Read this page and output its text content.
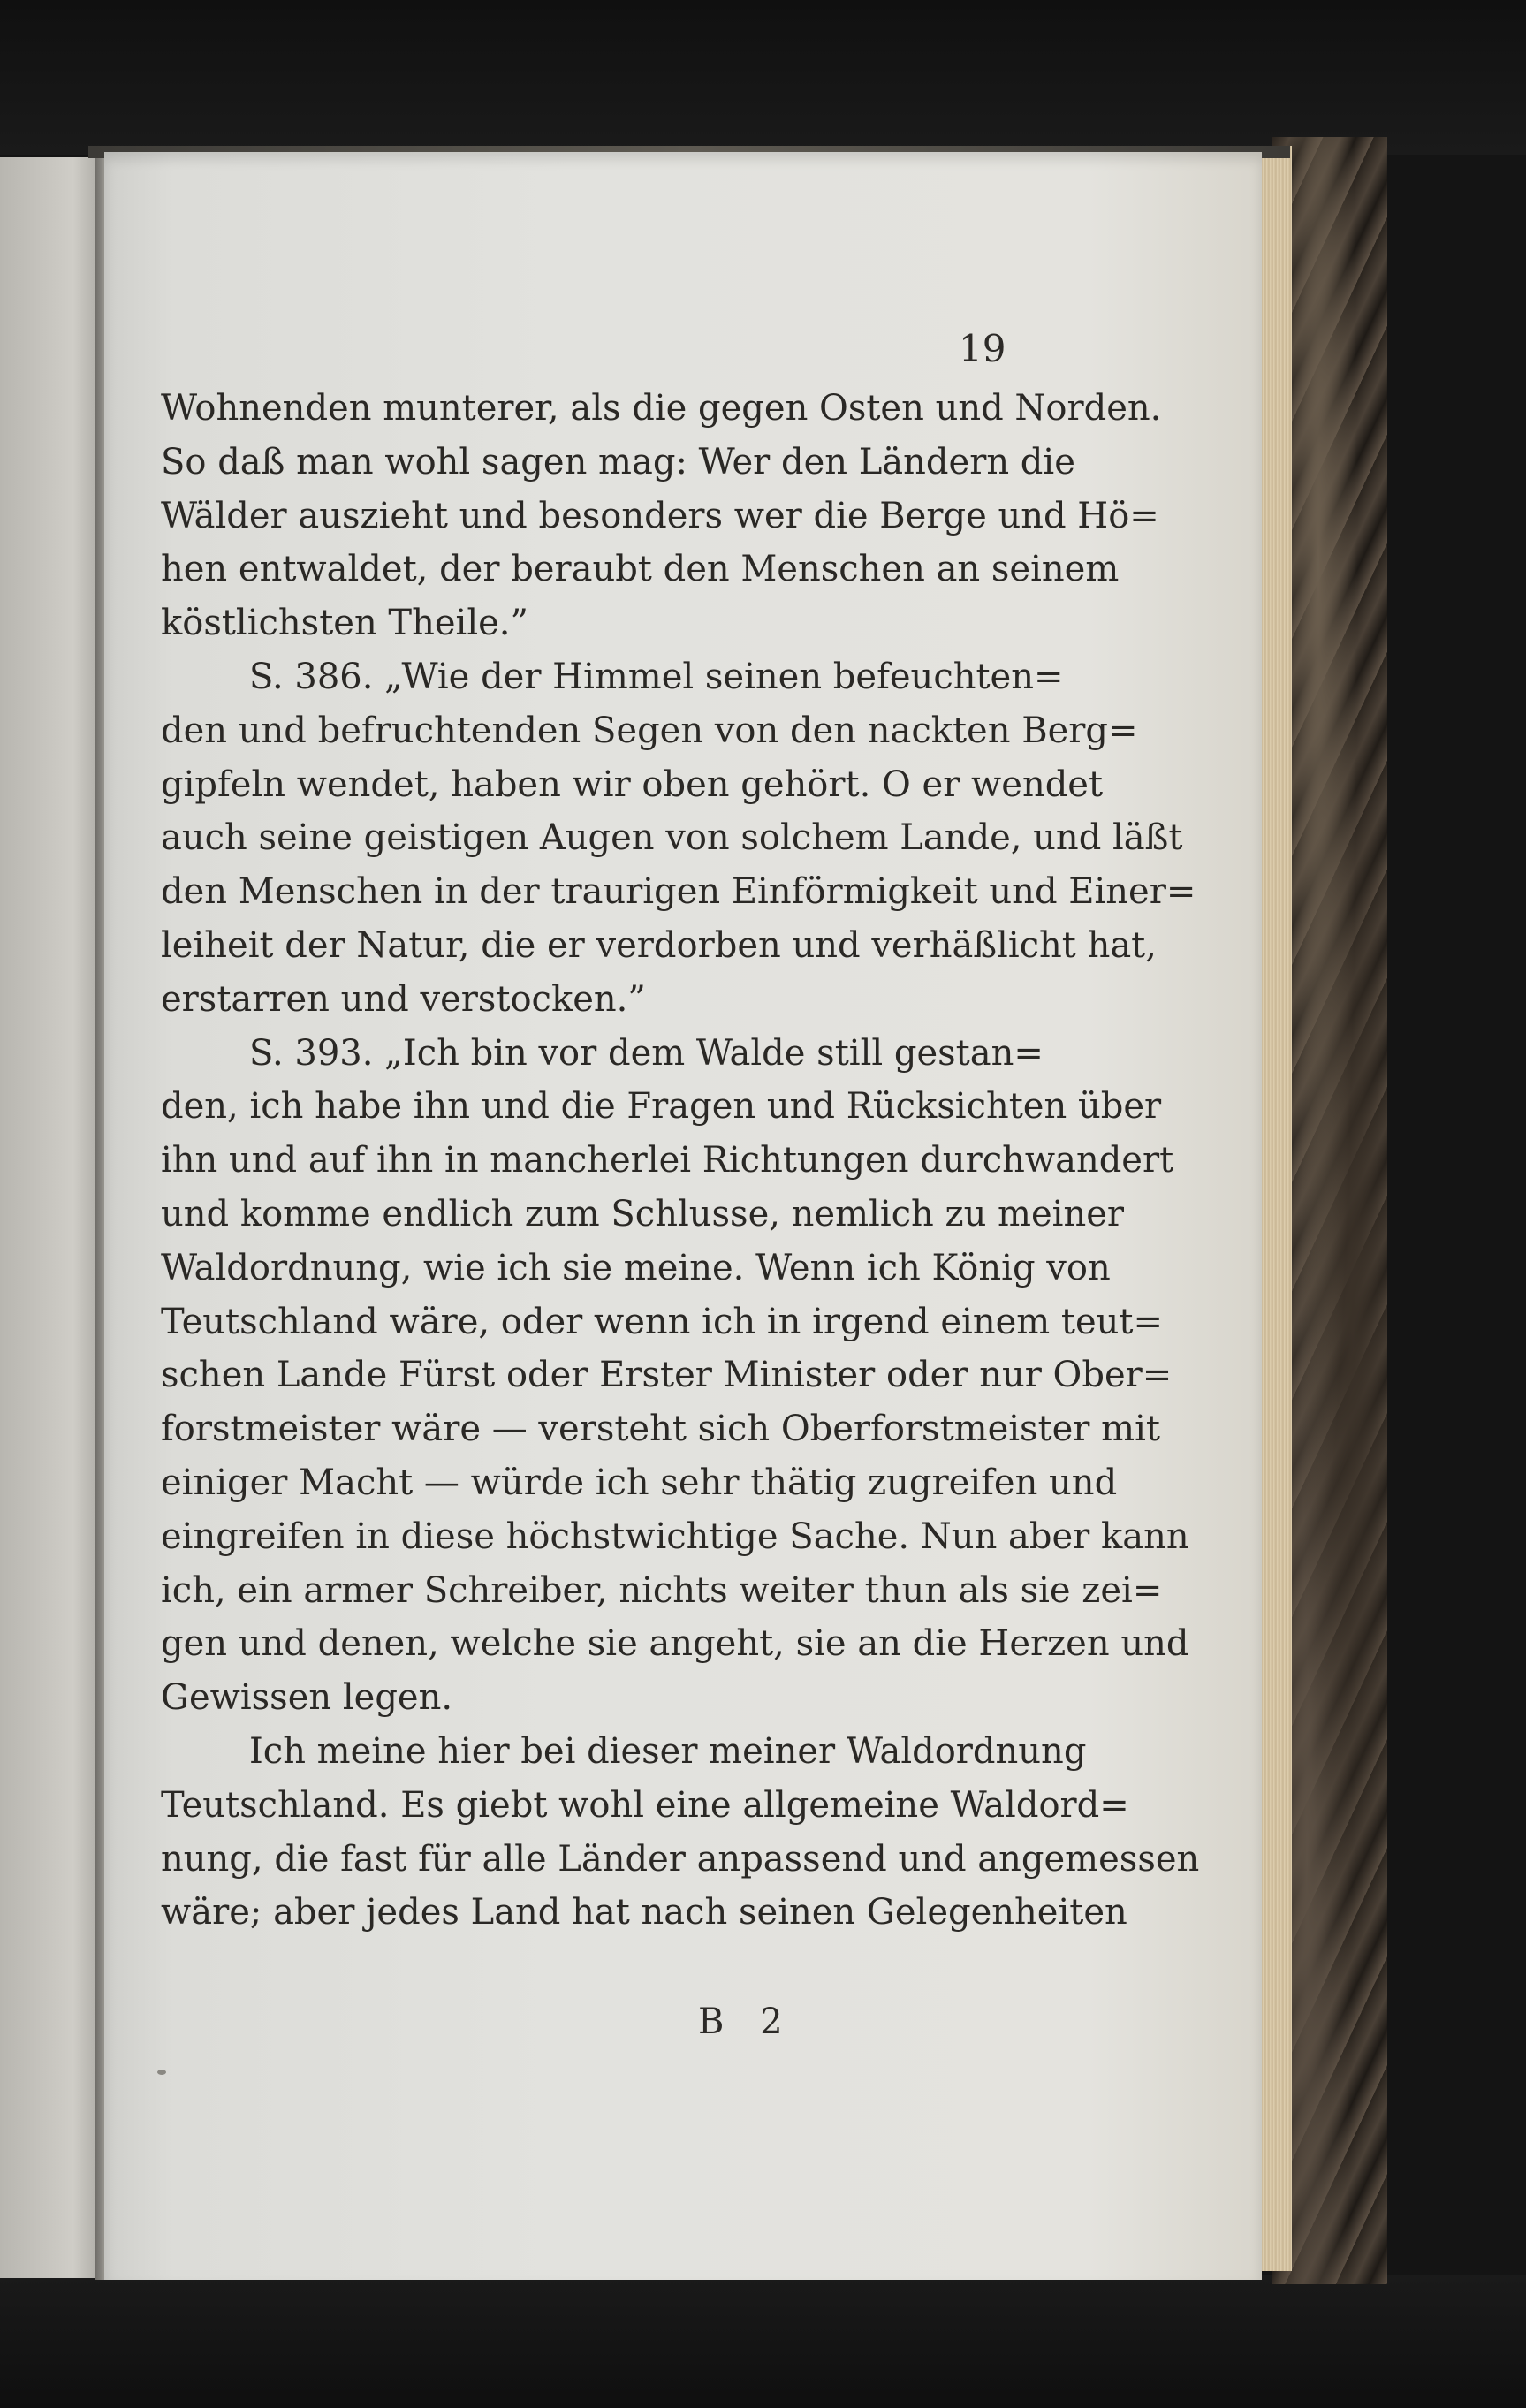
19
Wohnenden munterer, als die gegen Osten und Norden.
So daß man wohl sagen mag: Wer den Ländern die
Wälder auszieht und besonders wer die Berge und Hö=
hen entwaldet, der beraubt den Menschen an seinem
köstlichsten Theile.”
S. 386. „Wie der Himmel seinen befeuchten=
den und befruchtenden Segen von den nackten Berg=
gipfeln wendet, haben wir oben gehört. O er wendet
auch seine geistigen Augen von solchem Lande, und läßt
den Menschen in der traurigen Einförmigkeit und Einer=
leiheit der Natur, die er verdorben und verhäßlicht hat,
erstarren und verstocken.”
S. 393. „Ich bin vor dem Walde still gestan=
den, ich habe ihn und die Fragen und Rücksichten über
ihn und auf ihn in mancherlei Richtungen durchwandert
und komme endlich zum Schlusse, nemlich zu meiner
Waldordnung, wie ich sie meine. Wenn ich König von
Teutschland wäre, oder wenn ich in irgend einem teut=
schen Lande Fürst oder Erster Minister oder nur Ober=
forstmeister wäre — versteht sich Oberforstmeister mit
einiger Macht — würde ich sehr thätig zugreifen und
eingreifen in diese höchstwichtige Sache. Nun aber kann
ich, ein armer Schreiber, nichts weiter thun als sie zei=
gen und denen, welche sie angeht, sie an die Herzen und
Gewissen legen.
Ich meine hier bei dieser meiner Waldordnung
Teutschland. Es giebt wohl eine allgemeine Waldord=
nung, die fast für alle Länder anpassend und angemessen
wäre; aber jedes Land hat nach seinen Gelegenheiten
B 2
